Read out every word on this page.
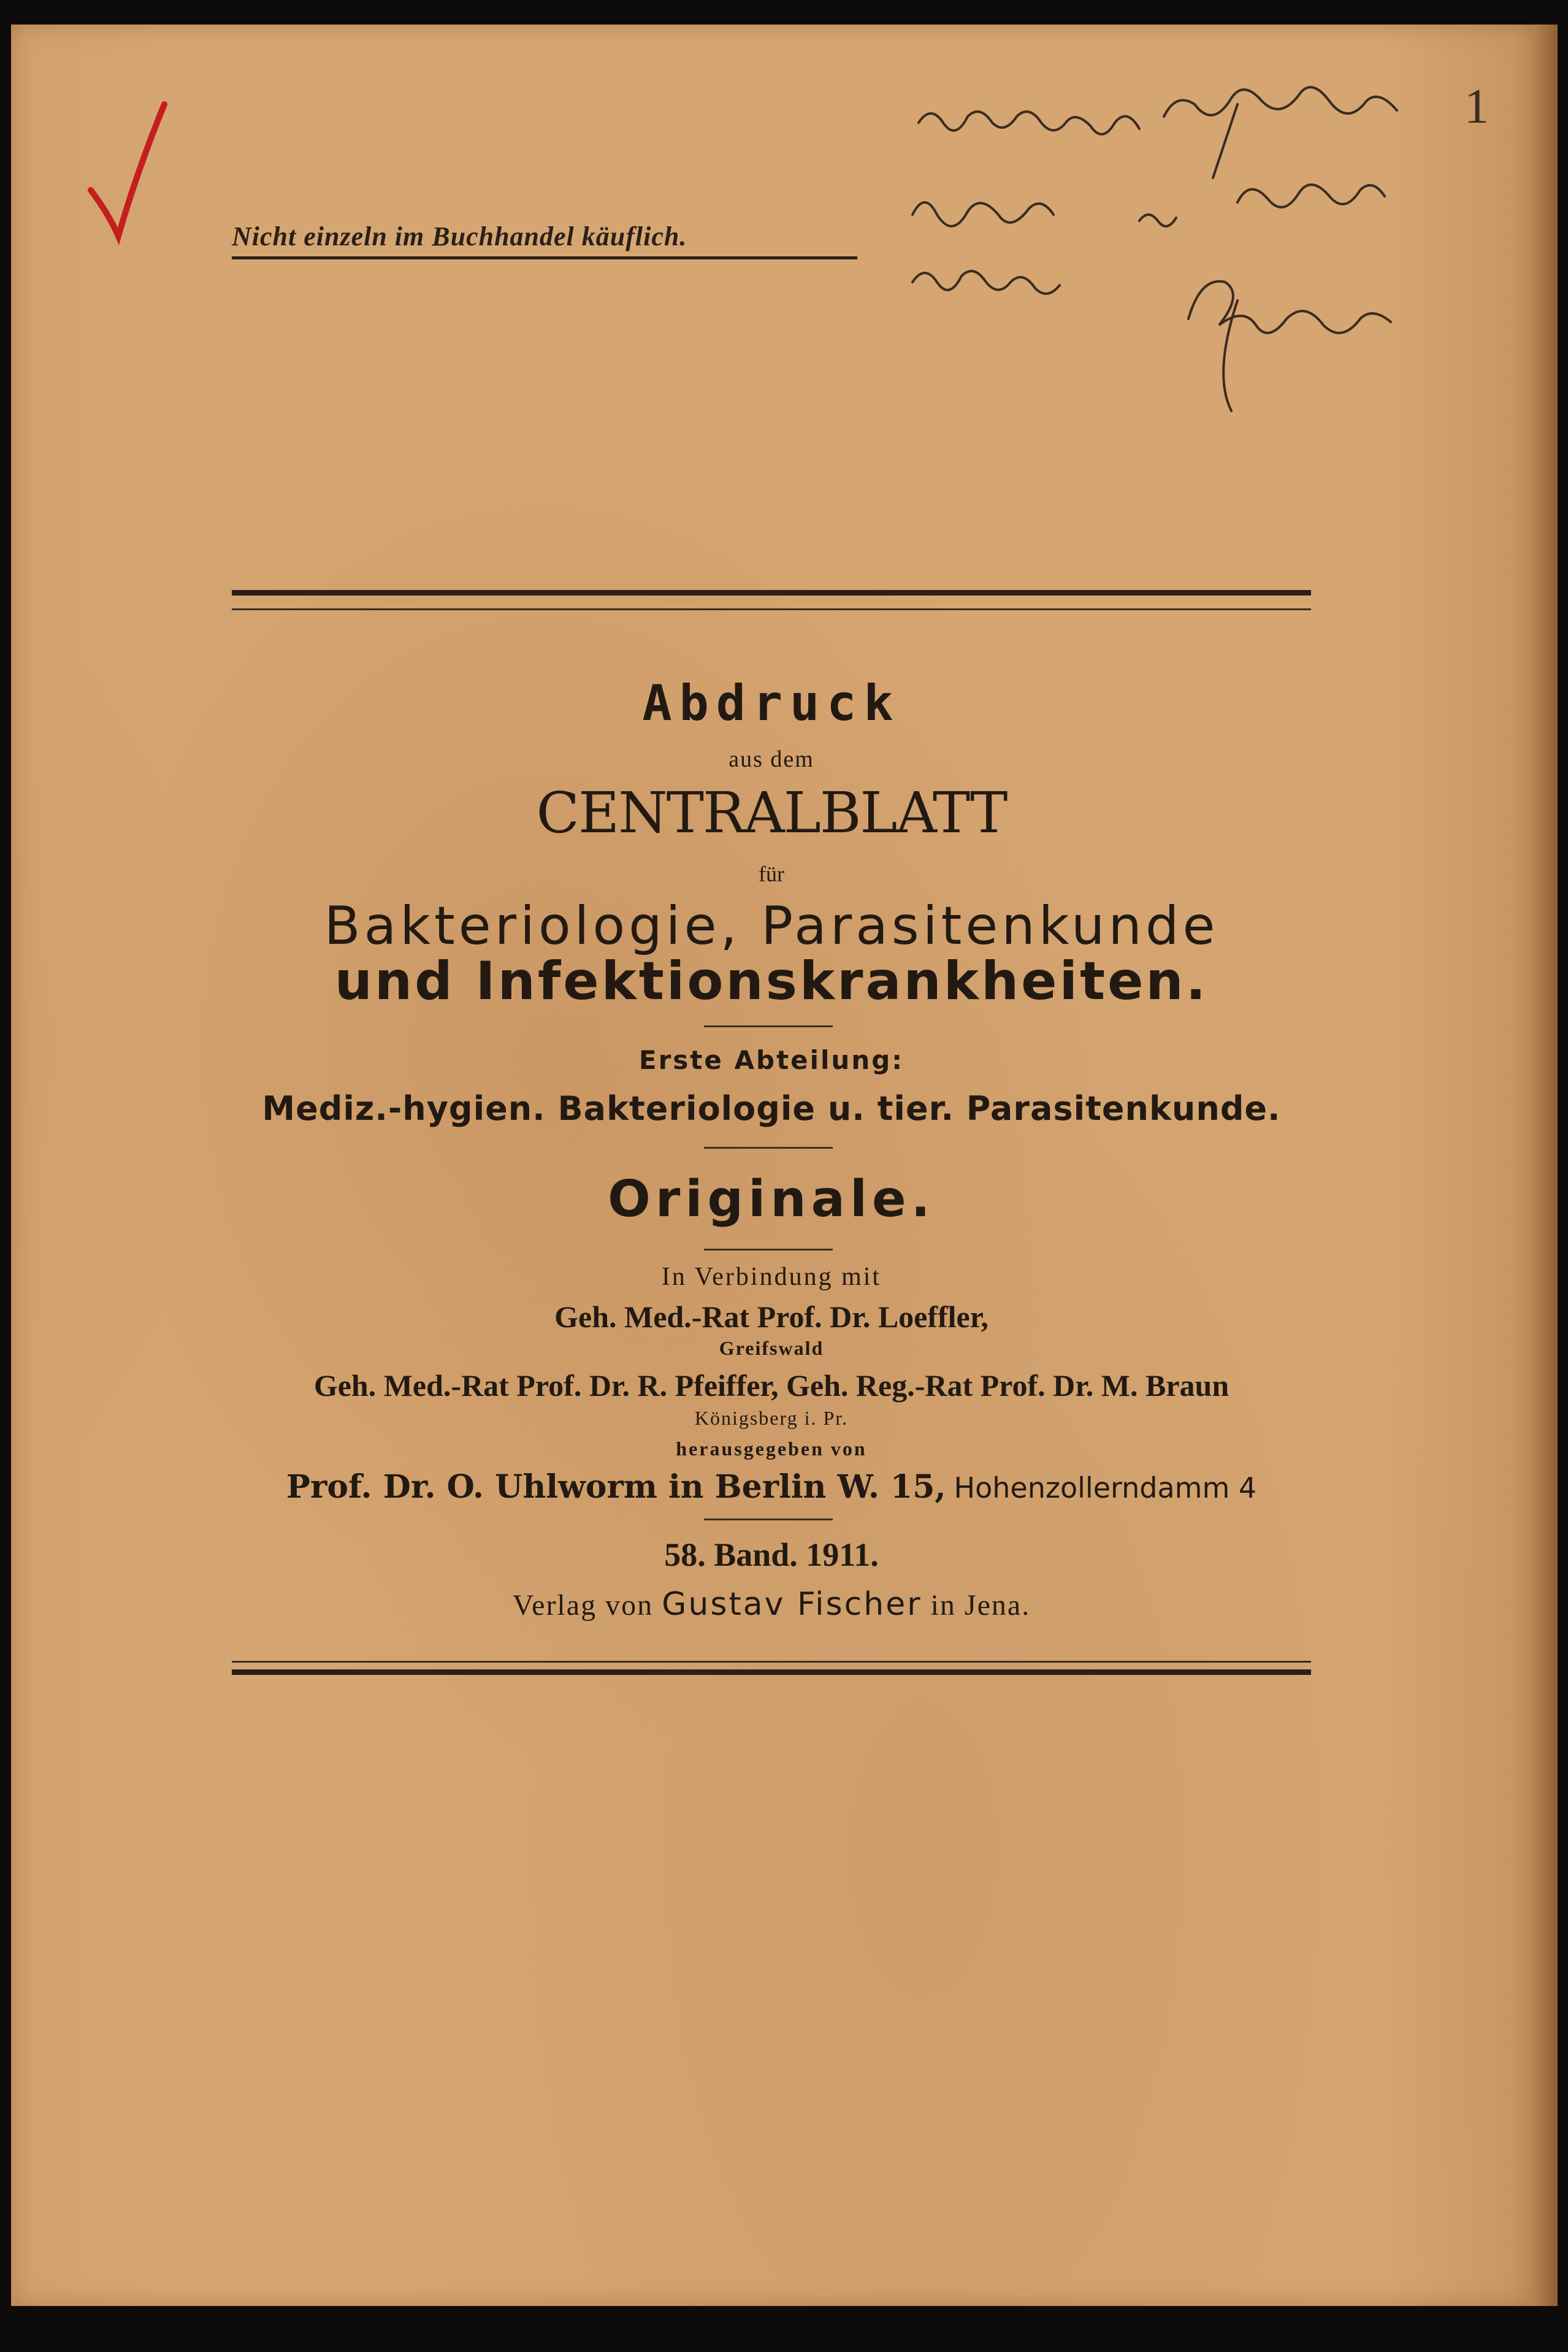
Nicht einzeln im Buchhandel käuflich.
1
Abdruck
aus dem
CENTRALBLATT
für
Bakteriologie, Parasitenkunde
und Infektionskrankheiten.
Erste Abteilung:
Mediz.-hygien. Bakteriologie u. tier. Parasitenkunde.
Originale.
In Verbindung mit
Geh. Med.-Rat Prof. Dr. Loeffler,
Greifswald
Geh. Med.-Rat Prof. Dr. R. Pfeiffer, Geh. Reg.-Rat Prof. Dr. M. Braun
Königsberg i. Pr.
herausgegeben von
Prof. Dr. O. Uhlworm in Berlin W. 15, Hohenzollerndamm 4
58. Band. 1911.
Verlag von Gustav Fischer in Jena.
